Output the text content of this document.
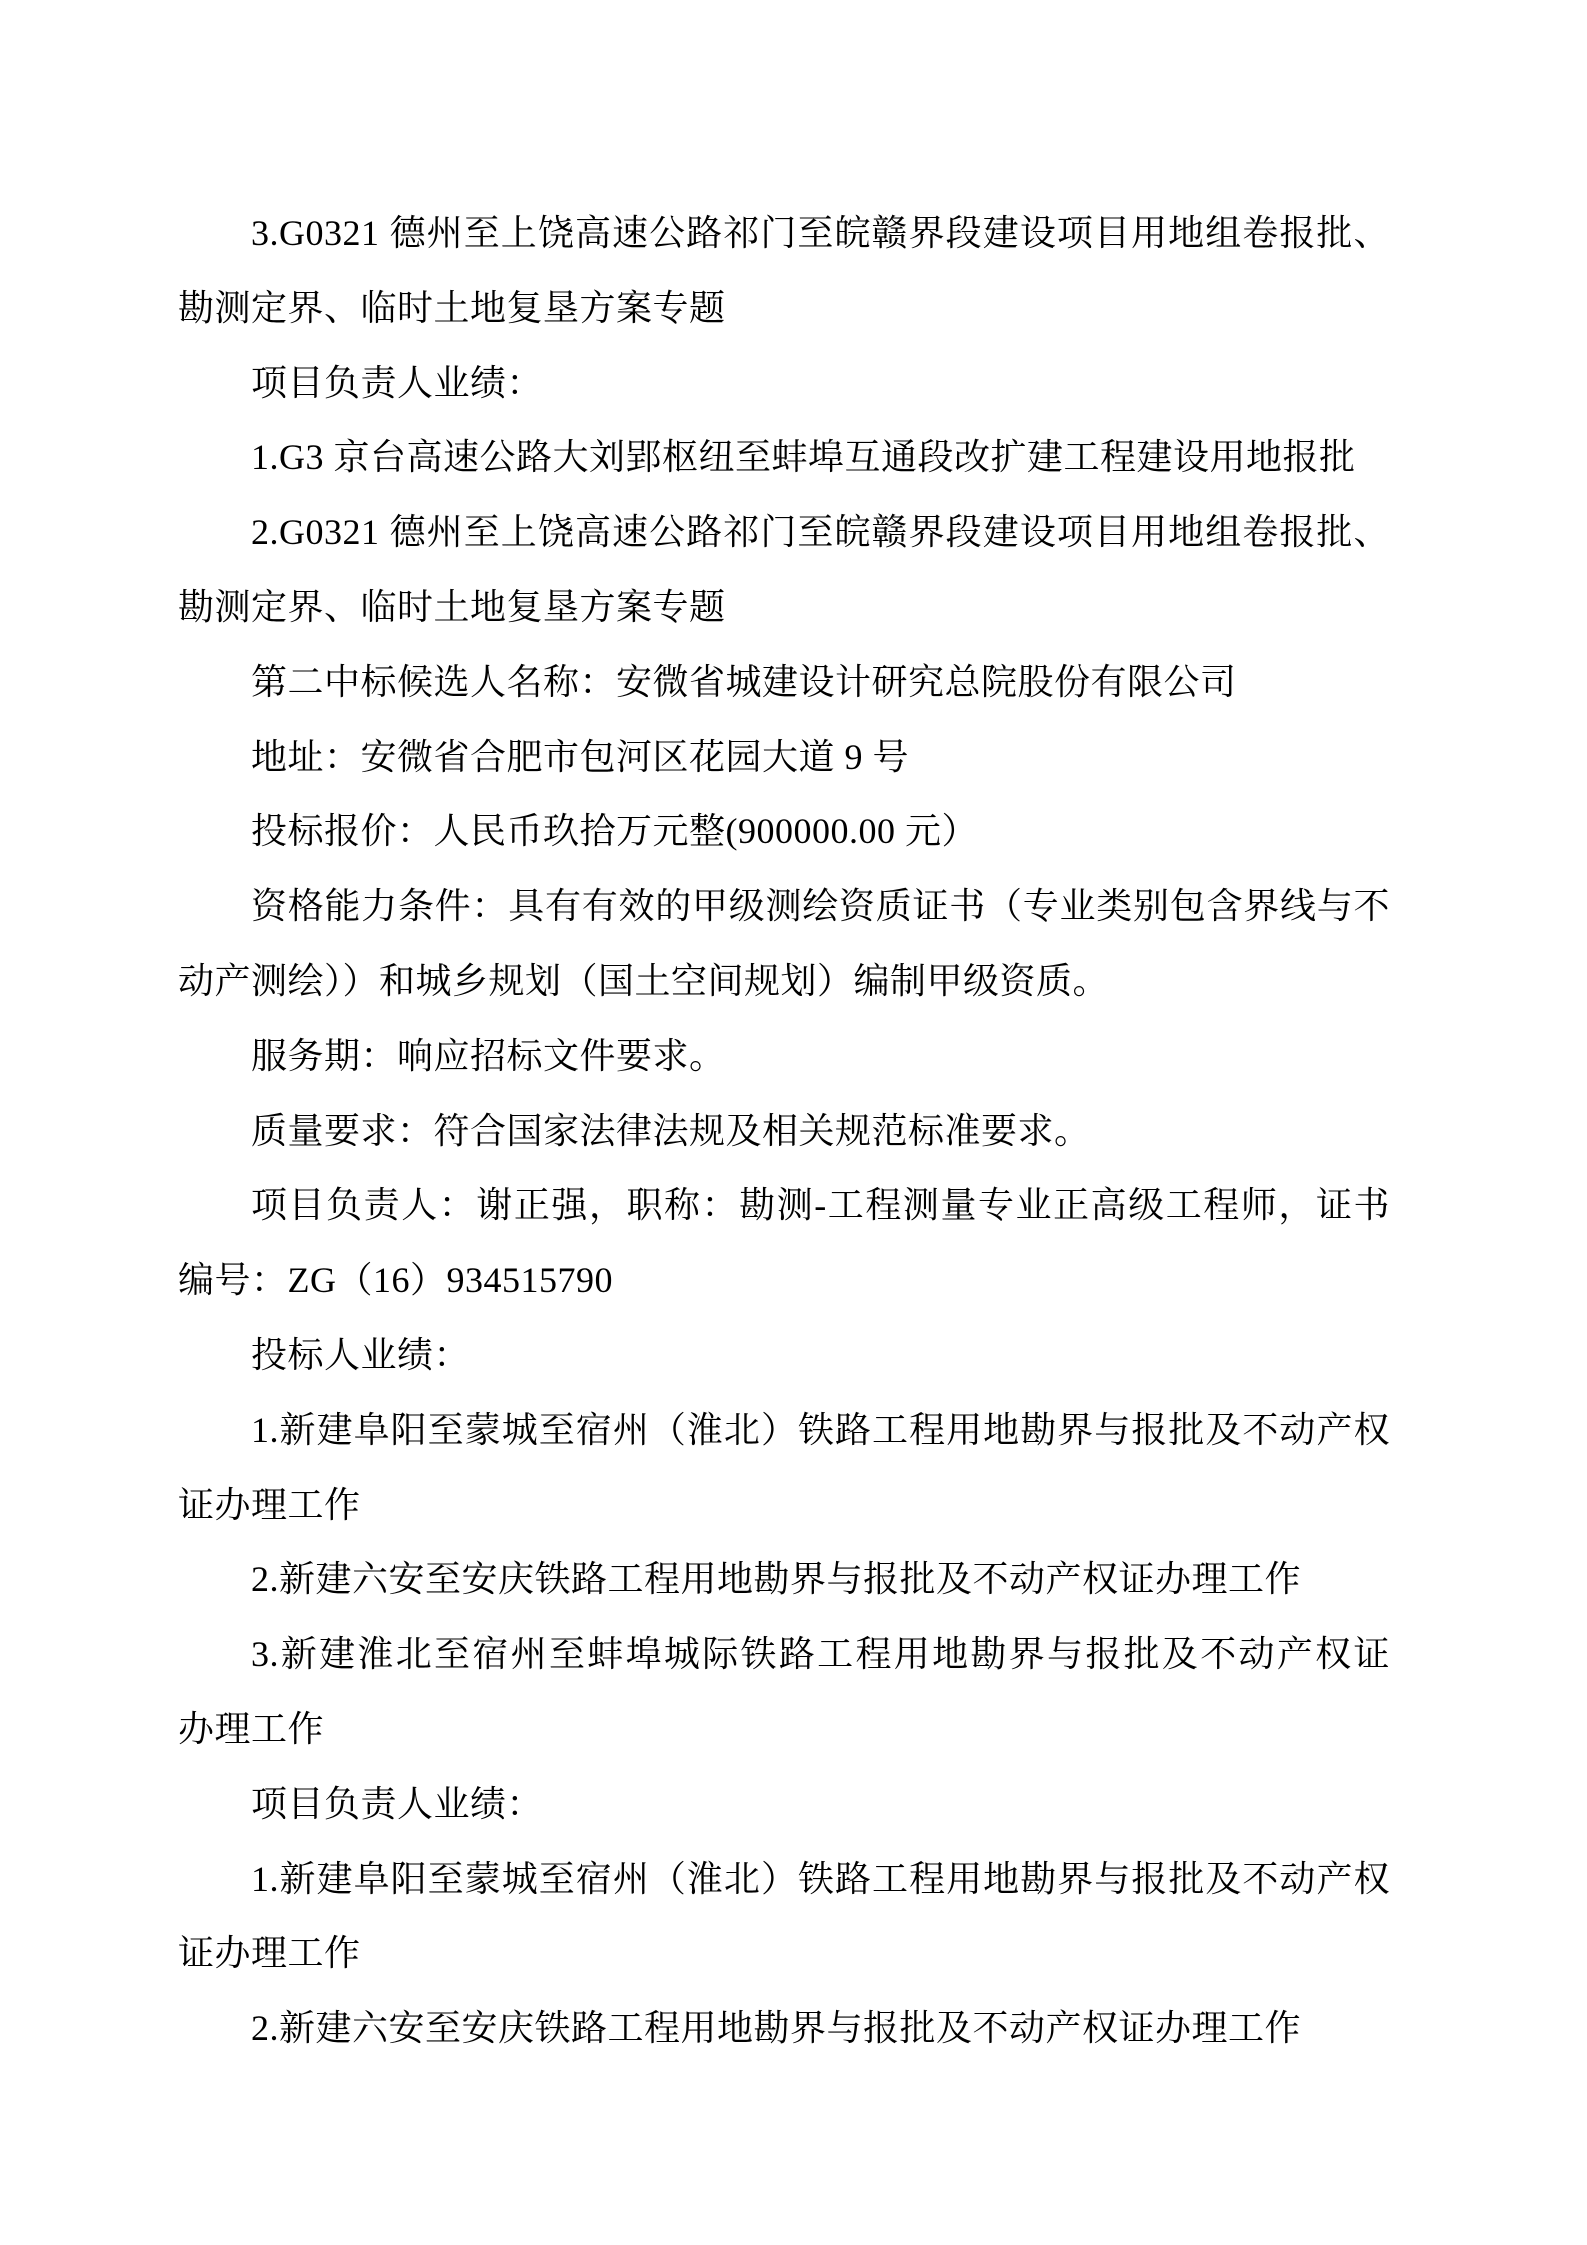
3.G0321 德州至上饶高速公路祁门至皖赣界段建设项目用地组卷报批、

勘测定界、临时土地复垦方案专题

项目负责人业绩：

1.G3 京台高速公路大刘郢枢纽至蚌埠互通段改扩建工程建设用地报批

2.G0321 德州至上饶高速公路祁门至皖赣界段建设项目用地组卷报批、

勘测定界、临时土地复垦方案专题

第二中标候选人名称：安微省城建设计研究总院股份有限公司

地址：安微省合肥市包河区花园大道 9 号

投标报价：人民币玖拾万元整(900000.00 元）

资格能力条件：具有有效的甲级测绘资质证书（专业类别包含界线与不

动产测绘））和城乡规划（国土空间规划）编制甲级资质。

服务期：响应招标文件要求。

质量要求：符合国家法律法规及相关规范标准要求。

项目负责人：谢正强，职称：勘测-工程测量专业正高级工程师，证书

编号：ZG（16）934515790

投标人业绩：

1.新建阜阳至蒙城至宿州（淮北）铁路工程用地勘界与报批及不动产权

证办理工作

2.新建六安至安庆铁路工程用地勘界与报批及不动产权证办理工作

3.新建淮北至宿州至蚌埠城际铁路工程用地勘界与报批及不动产权证

办理工作

项目负责人业绩：

1.新建阜阳至蒙城至宿州（淮北）铁路工程用地勘界与报批及不动产权

证办理工作

2.新建六安至安庆铁路工程用地勘界与报批及不动产权证办理工作
